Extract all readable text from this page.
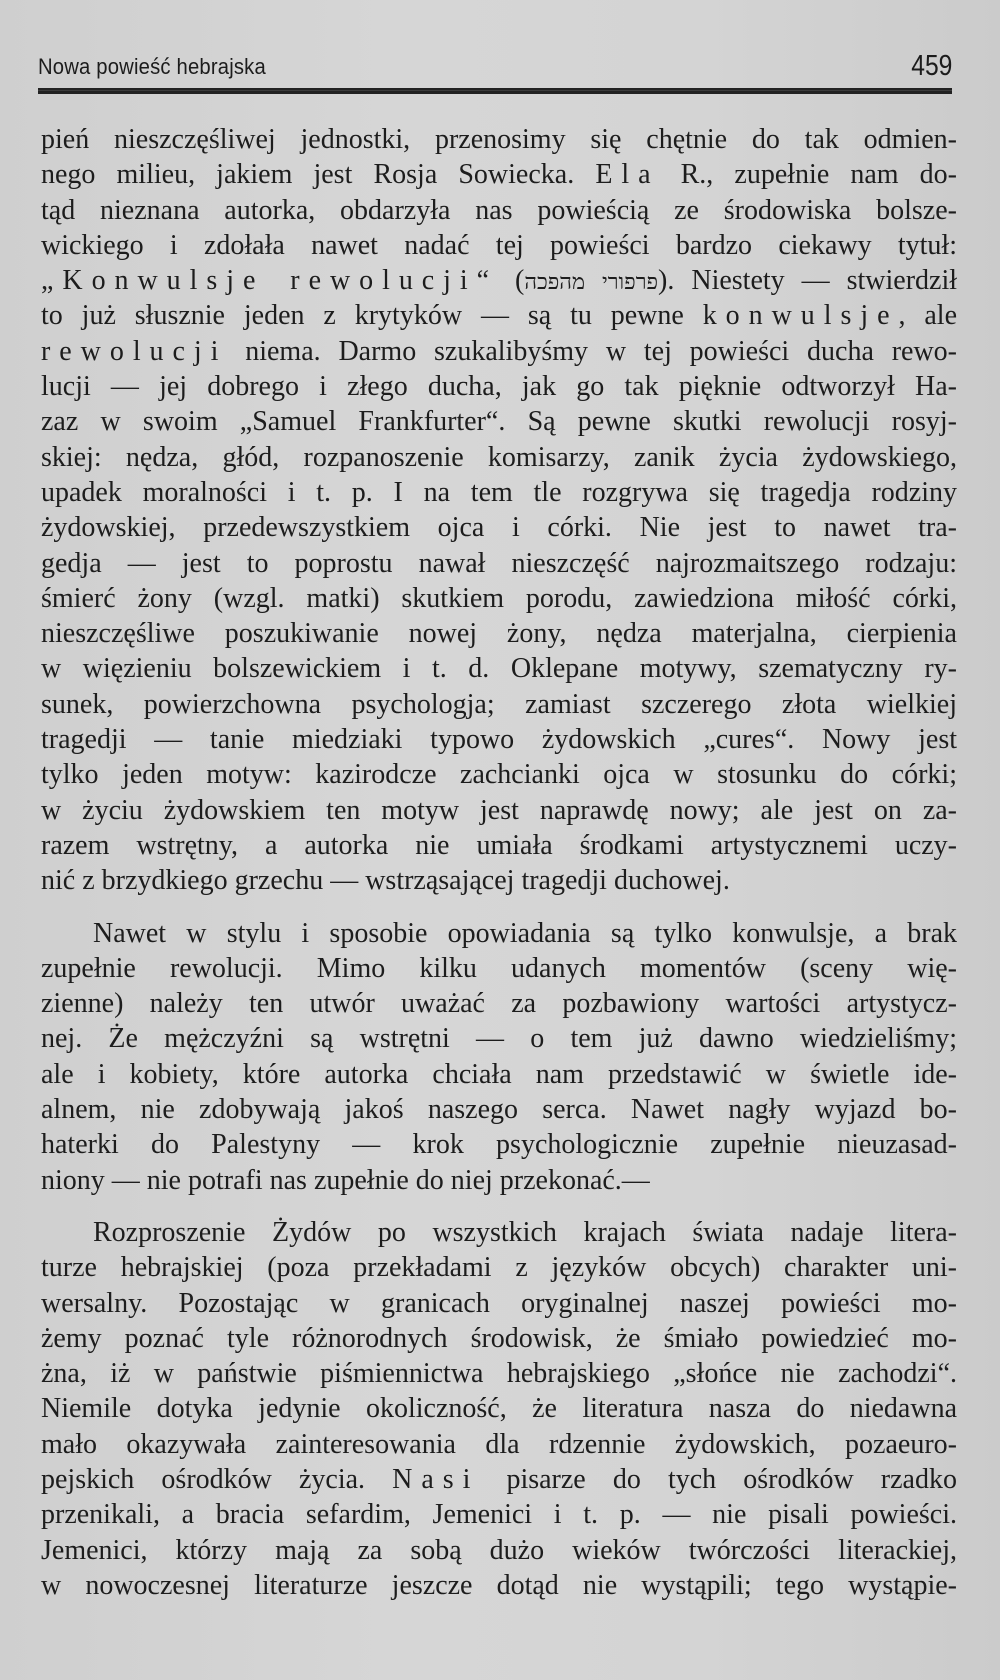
Nowa powieść hebrajska	459
pień nieszczęśliwej jednostki, przenosimy się chętnie do tak odmien-
nego milieu, jakiem jest Rosja Sowiecka. Ela R., zupełnie nam do-
tąd nieznana autorka, obdarzyła nas powieścią ze środowiska bolsze-
wickiego i zdołała nawet nadać tej powieści bardzo ciekawy tytuł:
„Konwulsje rewolucji“ (פרפורי מהפכה). Niestety — stwierdził
to już słusznie jeden z krytyków — są tu pewne konwulsje, ale
rewolucji niema. Darmo szukalibyśmy w tej powieści ducha rewo-
lucji — jej dobrego i złego ducha, jak go tak pięknie odtworzył Ha-
zaz w swoim „Samuel Frankfurter“. Są pewne skutki rewolucji rosyj-
skiej: nędza, głód, rozpanoszenie komisarzy, zanik życia żydowskiego,
upadek moralności i t. p. I na tem tle rozgrywa się tragedja rodziny
żydowskiej, przedewszystkiem ojca i córki. Nie jest to nawet tra-
gedja — jest to poprostu nawał nieszczęść najrozmaitszego rodzaju:
śmierć żony (wzgl. matki) skutkiem porodu, zawiedziona miłość córki,
nieszczęśliwe poszukiwanie nowej żony, nędza materjalna, cierpienia
w więzieniu bolszewickiem i t. d. Oklepane motywy, szematyczny ry-
sunek, powierzchowna psychologja; zamiast szczerego złota wielkiej
tragedji — tanie miedziaki typowo żydowskich „cures“. Nowy jest
tylko jeden motyw: kazirodcze zachcianki ojca w stosunku do córki;
w życiu żydowskiem ten motyw jest naprawdę nowy; ale jest on za-
razem wstrętny, a autorka nie umiała środkami artystycznemi uczy-
nić z brzydkiego grzechu — wstrząsającej tragedji duchowej.
Nawet w stylu i sposobie opowiadania są tylko konwulsje, a brak
zupełnie rewolucji. Mimo kilku udanych momentów (sceny wię-
zienne) należy ten utwór uważać za pozbawiony wartości artystycz-
nej. Że mężczyźni są wstrętni — o tem już dawno wiedzieliśmy;
ale i kobiety, które autorka chciała nam przedstawić w świetle ide-
alnem, nie zdobywają jakoś naszego serca. Nawet nagły wyjazd bo-
haterki do Palestyny — krok psychologicznie zupełnie nieuzasad-
niony — nie potrafi nas zupełnie do niej przekonać.—
Rozproszenie Żydów po wszystkich krajach świata nadaje litera-
turze hebrajskiej (poza przekładami z języków obcych) charakter uni-
wersalny. Pozostając w granicach oryginalnej naszej powieści mo-
żemy poznać tyle różnorodnych środowisk, że śmiało powiedzieć mo-
żna, iż w państwie piśmiennictwa hebrajskiego „słońce nie zachodzi“.
Niemile dotyka jedynie okoliczność, że literatura nasza do niedawna
mało okazywała zainteresowania dla rdzennie żydowskich, pozaeuro-
pejskich ośrodków życia. Nasi pisarze do tych ośrodków rzadko
przenikali, a bracia sefardim, Jemenici i t. p. — nie pisali powieści.
Jemenici, którzy mają za sobą dużo wieków twórczości literackiej,
w nowoczesnej literaturze jeszcze dotąd nie wystąpili; tego wystąpie-
